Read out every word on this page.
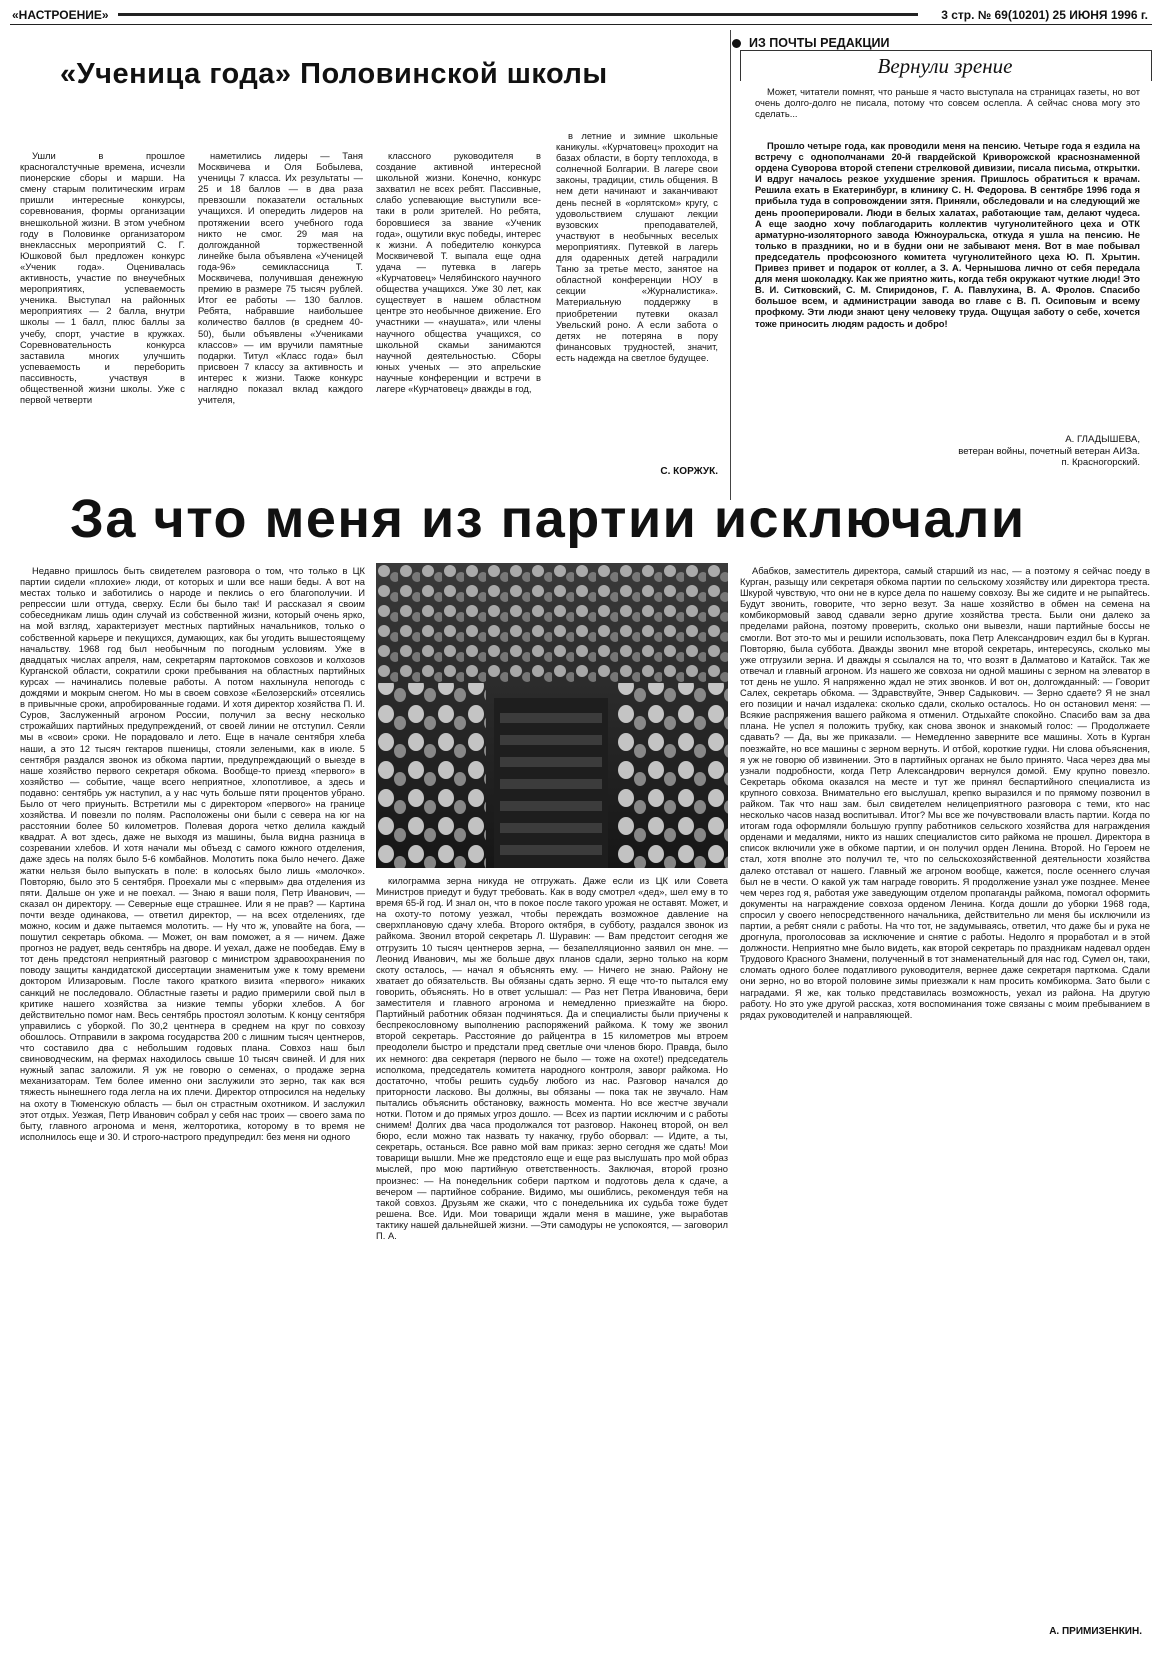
«НАСТРОЕНИЕ»	3 стр. № 69(10201) 25 ИЮНЯ 1996 г.
«Ученица года» Половинской школы

Ушли в прошлое красногалстучные времена, исчезли пионерские сборы и марши. На смену старым политическим играм пришли интересные конкурсы, соревнования, формы организации внешкольной жизни. В этом учебном году в Половинке организатором внеклассных мероприятий С. Г. Юшковой был предложен конкурс «Ученик года». Оценивалась активность, участие по внеучебных мероприятиях, успеваемость ученика. Выступал на районных мероприятиях — 2 балла, внутри школы — 1 балл, плюс баллы за учебу, спорт, участие в кружках. Соревновательность конкурса заставила многих улучшить успеваемость и переборить пассивность, участвуя в общественной жизни школы. Уже с первой четверти

наметились лидеры — Таня Москвичева и Оля Бобылева, ученицы 7 класса. Их результаты — 25 и 18 баллов — в два раза превзошли показатели остальных учащихся. И опередить лидеров на протяжении всего учебного года никто не смог. 29 мая на долгожданной торжественной линейке была объявлена «Ученицей года-96» семиклассница Т. Москвичева, получившая денежную премию в размере 75 тысяч рублей. Итог ее работы — 130 баллов. Ребята, набравшие наибольшее количество баллов (в среднем 40-50), были объявлены «Учениками классов» — им вручили памятные подарки. Титул «Класс года» был присвоен 7 классу за активность и интерес к жизни. Также конкурс наглядно показал вклад каждого учителя,

классного руководителя в создание активной интересной школьной жизни. Конечно, конкурс захватил не всех ребят. Пассивные, слабо успевающие выступили все-таки в роли зрителей. Но ребята, боровшиеся за звание «Ученик года», ощутили вкус победы, интерес к жизни. А победителю конкурса Москвичевой Т. выпала еще одна удача — путевка в лагерь «Курчатовец» Челябинского научного общества учащихся. Уже 30 лет, как существует в нашем областном центре это необычное движение. Его участники — «наушата», или члены научного общества учащихся, со школьной скамьи занимаются научной деятельностью. Сборы юных ученых — это апрельские научные конференции и встречи в лагере «Курчатовец» дважды в год,

в летние и зимние школьные каникулы. «Курчатовец» проходит на базах области, в борту теплохода, в солнечной Болгарии. В лагере свои законы, традиции, стиль общения. В нем дети начинают и заканчивают день песней в «орлятском» кругу, с удовольствием слушают лекции вузовских преподавателей, участвуют в необычных веселых мероприятиях. Путевкой в лагерь для одаренных детей наградили Таню за третье место, занятое на областной конференции НОУ в секции «Журналистика». Материальную поддержку в приобретении путевки оказал Увельский роно. А если забота о детях не потеряна в пору финансовых трудностей, значит, есть надежда на светлое будущее.

С. КОРЖУК.
ИЗ ПОЧТЫ РЕДАКЦИИ
Вернули зрение

Может, читатели помнят, что раньше я часто выступала на страницах газеты, но вот очень долго-долго не писала, потому что совсем ослепла. А сейчас снова могу это сделать...

Прошло четыре года, как проводили меня на пенсию. Четыре года я ездила на встречу с однополчанами 20-й гвардейской Криворожской краснознаменной ордена Суворова второй степени стрелковой дивизии, писала письма, открытки. И вдруг началось резкое ухудшение зрения. Пришлось обратиться к врачам. Решила ехать в Екатеринбург, в клинику С. Н. Федорова. В сентябре 1996 года я прибыла туда в сопровождении зятя. Приняли, обследовали и на следующий же день прооперировали. Люди в белых халатах, работающие там, делают чудеса. А еще заодно хочу поблагодарить коллектив чугунолитейного цеха и ОТК арматурно-изоляторного завода Южноуральска, откуда я ушла на пенсию. Не только в праздники, но и в будни они не забывают меня. Вот в мае побывал председатель профсоюзного комитета чугунолитейного цеха Ю. П. Хрытин. Привез привет и подарок от коллег, а З. А. Чернышова лично от себя передала для меня шоколадку. Как же приятно жить, когда тебя окружают чуткие люди! Это В. И. Ситковский, С. М. Спиридонов, Г. А. Павлухина, В. А. Фролов. Спасибо большое всем, и администрации завода во главе с В. П. Осиповым и всему профкому. Эти люди знают цену человеку труда. Ощущая заботу о себе, хочется тоже приносить людям радость и добро!

А. ГЛАДЫШЕВА,
ветеран войны, почетный ветеран АИЗа.
п. Красногорский.
За что меня из партии исключали

Недавно пришлось быть свидетелем разговора о том, что только в ЦК партии сидели «плохие» люди, от которых и шли все наши беды. А вот на местах только и заботились о народе и пеклись о его благополучии. И репрессии шли оттуда, сверху. Если бы было так! И рассказал я своим собеседникам лишь один случай из собственной жизни, который очень ярко, на мой взгляд, характеризует местных партийных начальников, только о собственной карьере и пекущихся, думающих, как бы угодить вышестоящему начальству. 1968 год был необычным по погодным условиям. Уже в двадцатых числах апреля, нам, секретарям партокомов совхозов и колхозов Курганской области, сократили сроки пребывания на областных партийных курсах — начинались полевые работы. А потом нахлынула непогодь с дождями и мокрым снегом. Но мы в своем совхозе «Белозерский» отсеялись в привычные сроки, апробированные годами. И хотя директор хозяйства П. И. Суров, Заслуженный агроном России, получил за весну несколько строжайших партийных предупреждений, от своей линии не отступил. Сеяли мы в «свои» сроки. Не порадовало и лето. Еще в начале сентября хлеба наши, а это 12 тысяч гектаров пшеницы, стояли зелеными, как в июле. 5 сентября раздался звонок из обкома партии, предупреждающий о выезде в наше хозяйство первого секретаря обкома. Вообще-то приезд «первого» в хозяйство — событие, чаще всего неприятное, хлопотливое, а здесь и подавно: сентябрь уж наступил, а у нас чуть больше пяти процентов убрано. Было от чего приуныть. Встретили мы с директором «первого» на границе хозяйства. И повезли по полям. Расположены они были с севера на юг на расстоянии более 50 километров. Полевая дорога четко делила каждый квадрат. А вот здесь, даже не выходя из машины, была видна разница в созревании хлебов. И хотя начали мы объезд с самого южного отделения, даже здесь на полях было 5-6 комбайнов. Молотить пока было нечего. Даже жатки нельзя было выпускать в поле: в колосьях было лишь «молочко». Повторяю, было это 5 сентября. Проехали мы с «первым» два отделения из пяти. Дальше он уже и не поехал. — Знаю я ваши поля, Петр Иванович, — сказал он директору. — Северные еще страшнее. Или я не прав? — Картина почти везде одинакова, — ответил директор, — на всех отделениях, где можно, косим и даже пытаемся молотить. — Ну что ж, уповайте на бога, — пошутил секретарь обкома. — Может, он вам поможет, а я — ничем. Даже прогноз не радует, ведь сентябрь на дворе. И уехал, даже не пообедав. Ему в тот день предстоял неприятный разговор с министром здравоохранения по поводу защиты кандидатской диссертации знаменитым уже к тому времени доктором Илизаровым. После такого краткого визита «первого» никаких санкций не последовало. Областные газеты и радио примерили свой пыл в критике нашего хозяйства за низкие темпы уборки хлебов. А бог действительно помог нам. Весь сентябрь простоял золотым. К концу сентября управились с уборкой. По 30,2 центнера в среднем на круг по совхозу обошлось. Отправили в закрома государства 200 с лишним тысяч центнеров, что составило два с небольшим годовых плана. Совхоз наш был свиноводческим, на фермах находилось свыше 10 тысяч свиней. И для них нужный запас заложили. Я уж не говорю о семенах, о продаже зерна механизаторам. Тем более именно они заслужили это зерно, так как вся тяжесть нынешнего года легла на их плечи. Директор отпросился на недельку на охоту в Тюменскую область — был он страстным охотником. И заслужил этот отдых. Уезжая, Петр Иванович собрал у себя нас троих — своего зама по быту, главного агронома и меня, желторотика, которому в то время не исполнилось еще и 30. И строго-настрого предупредил: без меня ни одного

килограмма зерна никуда не отгружать. Даже если из ЦК или Совета Министров приедут и будут требовать. Как в воду смотрел «дед», шел ему в то время 65-й год. И знал он, что в покое после такого урожая не оставят. Может, и на охоту-то потому уезжал, чтобы переждать возможное давление на сверхплановую сдачу хлеба. Второго октября, в субботу, раздался звонок из райкома. Звонил второй секретарь Л. Шуравин: — Вам предстоит сегодня же отгрузить 10 тысяч центнеров зерна, — безапелляционно заявил он мне. — Леонид Иванович, мы же больше двух планов сдали, зерно только на корм скоту осталось, — начал я объяснять ему. — Ничего не знаю. Району не хватает до обязательств. Вы обязаны сдать зерно. Я еще что-то пытался ему говорить, объяснять. Но в ответ услышал: — Раз нет Петра Ивановича, бери заместителя и главного агронома и немедленно приезжайте на бюро. Партийный работник обязан подчиняться. Да и специалисты были приучены к беспрекословному выполнению распоряжений райкома. К тому же звонил второй секретарь. Расстояние до райцентра в 15 километров мы втроем преодолели быстро и предстали пред светлые очи членов бюро. Правда, было их немного: два секретаря (первого не было — тоже на охоте!) председатель исполкома, председатель комитета народного контроля, заворг райкома. Но достаточно, чтобы решить судьбу любого из нас. Разговор начался до приторности ласково. Вы должны, вы обязаны — пока так не звучало. Нам пытались объяснить обстановку, важность момента. Но все жестче звучали нотки. Потом и до прямых угроз дошло. — Всех из партии исключим и с работы снимем! Долгих два часа продолжался тот разговор. Наконец второй, он вел бюро, если можно так назвать ту накачку, грубо оборвал: — Идите, а ты, секретарь, останься. Все равно мой вам приказ: зерно сегодня же сдать! Мои товарищи вышли. Мне же предстояло еще и еще раз выслушать про мой образ мыслей, про мою партийную ответственность. Заключая, второй грозно произнес: — На понедельник собери партком и подготовь дела к сдаче, а вечером — партийное собрание. Видимо, мы ошиблись, рекомендуя тебя на такой совхоз. Друзьям же скажи, что с понедельника их судьба тоже будет решена. Все. Иди. Мои товарищи ждали меня в машине, уже выработав тактику нашей дальнейшей жизни. —Эти самодуры не успокоятся, — заговорил П. А.

Абабков, заместитель директора, самый старший из нас, — а поэтому я сейчас поеду в Курган, разыщу или секретаря обкома партии по сельскому хозяйству или директора треста. Шкурой чувствую, что они не в курсе дела по нашему совхозу. Вы же сидите и не рыпайтесь. Будут звонить, говорите, что зерно везут. За наше хозяйство в обмен на семена на комбикормовый завод сдавали зерно другие хозяйства треста. Были они далеко за пределами района, поэтому проверить, сколько они вывезли, наши партийные боссы не смогли. Вот это-то мы и решили использовать, пока Петр Александрович ездил бы в Курган. Повторяю, была суббота. Дважды звонил мне второй секретарь, интересуясь, сколько мы уже отгрузили зерна. И дважды я ссылался на то, что возят в Далматово и Катайск. Так же отвечал и главный агроном. Из нашего же совхоза ни одной машины с зерном на элеватор в тот день не ушло. Я напряженно ждал не этих звонков. И вот он, долгожданный: — Говорит Салех, секретарь обкома. — Здравствуйте, Энвер Садыкович. — Зерно сдаете? Я не знал его позиции и начал издалека: сколько сдали, сколько осталось. Но он остановил меня: — Всякие распряжения вашего райкома я отменил. Отдыхайте спокойно. Спасибо вам за два плана. Не успел я положить трубку, как снова звонок и знакомый голос: — Продолжаете сдавать? — Да, вы же приказали. — Немедленно заверните все машины. Хоть в Курган поезжайте, но все машины с зерном вернуть. И отбой, короткие гудки. Ни слова объяснения, я уж не говорю об извинении. Это в партийных органах не было принято. Часа через два мы узнали подробности, когда Петр Александрович вернулся домой. Ему крупно повезло. Секретарь обкома оказался на месте и тут же принял беспартийного специалиста из крупного совхоза. Внимательно его выслушал, крепко выразился и по прямому позвонил в райком. Так что наш зам. был свидетелем нелицеприятного разговора с теми, кто нас несколько часов назад воспитывал. Итог? Мы все же почувствовали власть партии. Когда по итогам года оформляли большую группу работников сельского хозяйства для награждения орденами и медалями, никто из наших специалистов сито райкома не прошел. Директора в список включили уже в обкоме партии, и он получил орден Ленина. Второй. Но Героем не стал, хотя вполне это получил те, что по сельскохозяйственной деятельности хозяйства далеко отставал от нашего. Главный же агроном вообще, кажется, после осеннего случая был не в чести. О какой уж там награде говорить. Я продолжение узнал уже позднее. Менее чем через год я, работая уже заведующим отделом пропаганды райкома, помогал оформить документы на награждение совхоза орденом Ленина. Когда дошли до уборки 1968 года, спросил у своего непосредственного начальника, действительно ли меня бы исключили из партии, а ребят сняли с работы. На что тот, не задумываясь, ответил, что даже бы и рука не дрогнула, проголосовав за исключение и снятие с работы. Недолго я проработал и в этой должности. Неприятно мне было видеть, как второй секретарь по праздникам надевал орден Трудового Красного Знамени, полученный в тот знаменательный для нас год. Сумел он, таки, сломать одного более податливого руководителя, вернее даже секретаря парткома. Сдали они зерно, но во второй половине зимы приезжали к нам просить комбикорма. Зато были с наградами. Я же, как только представилась возможность, уехал из района. На другую работу. Но это уже другой рассказ, хотя воспоминания тоже связаны с моим пребыванием в рядах руководителей и направляющей.

А. ПРИМИЗЕНКИН.
